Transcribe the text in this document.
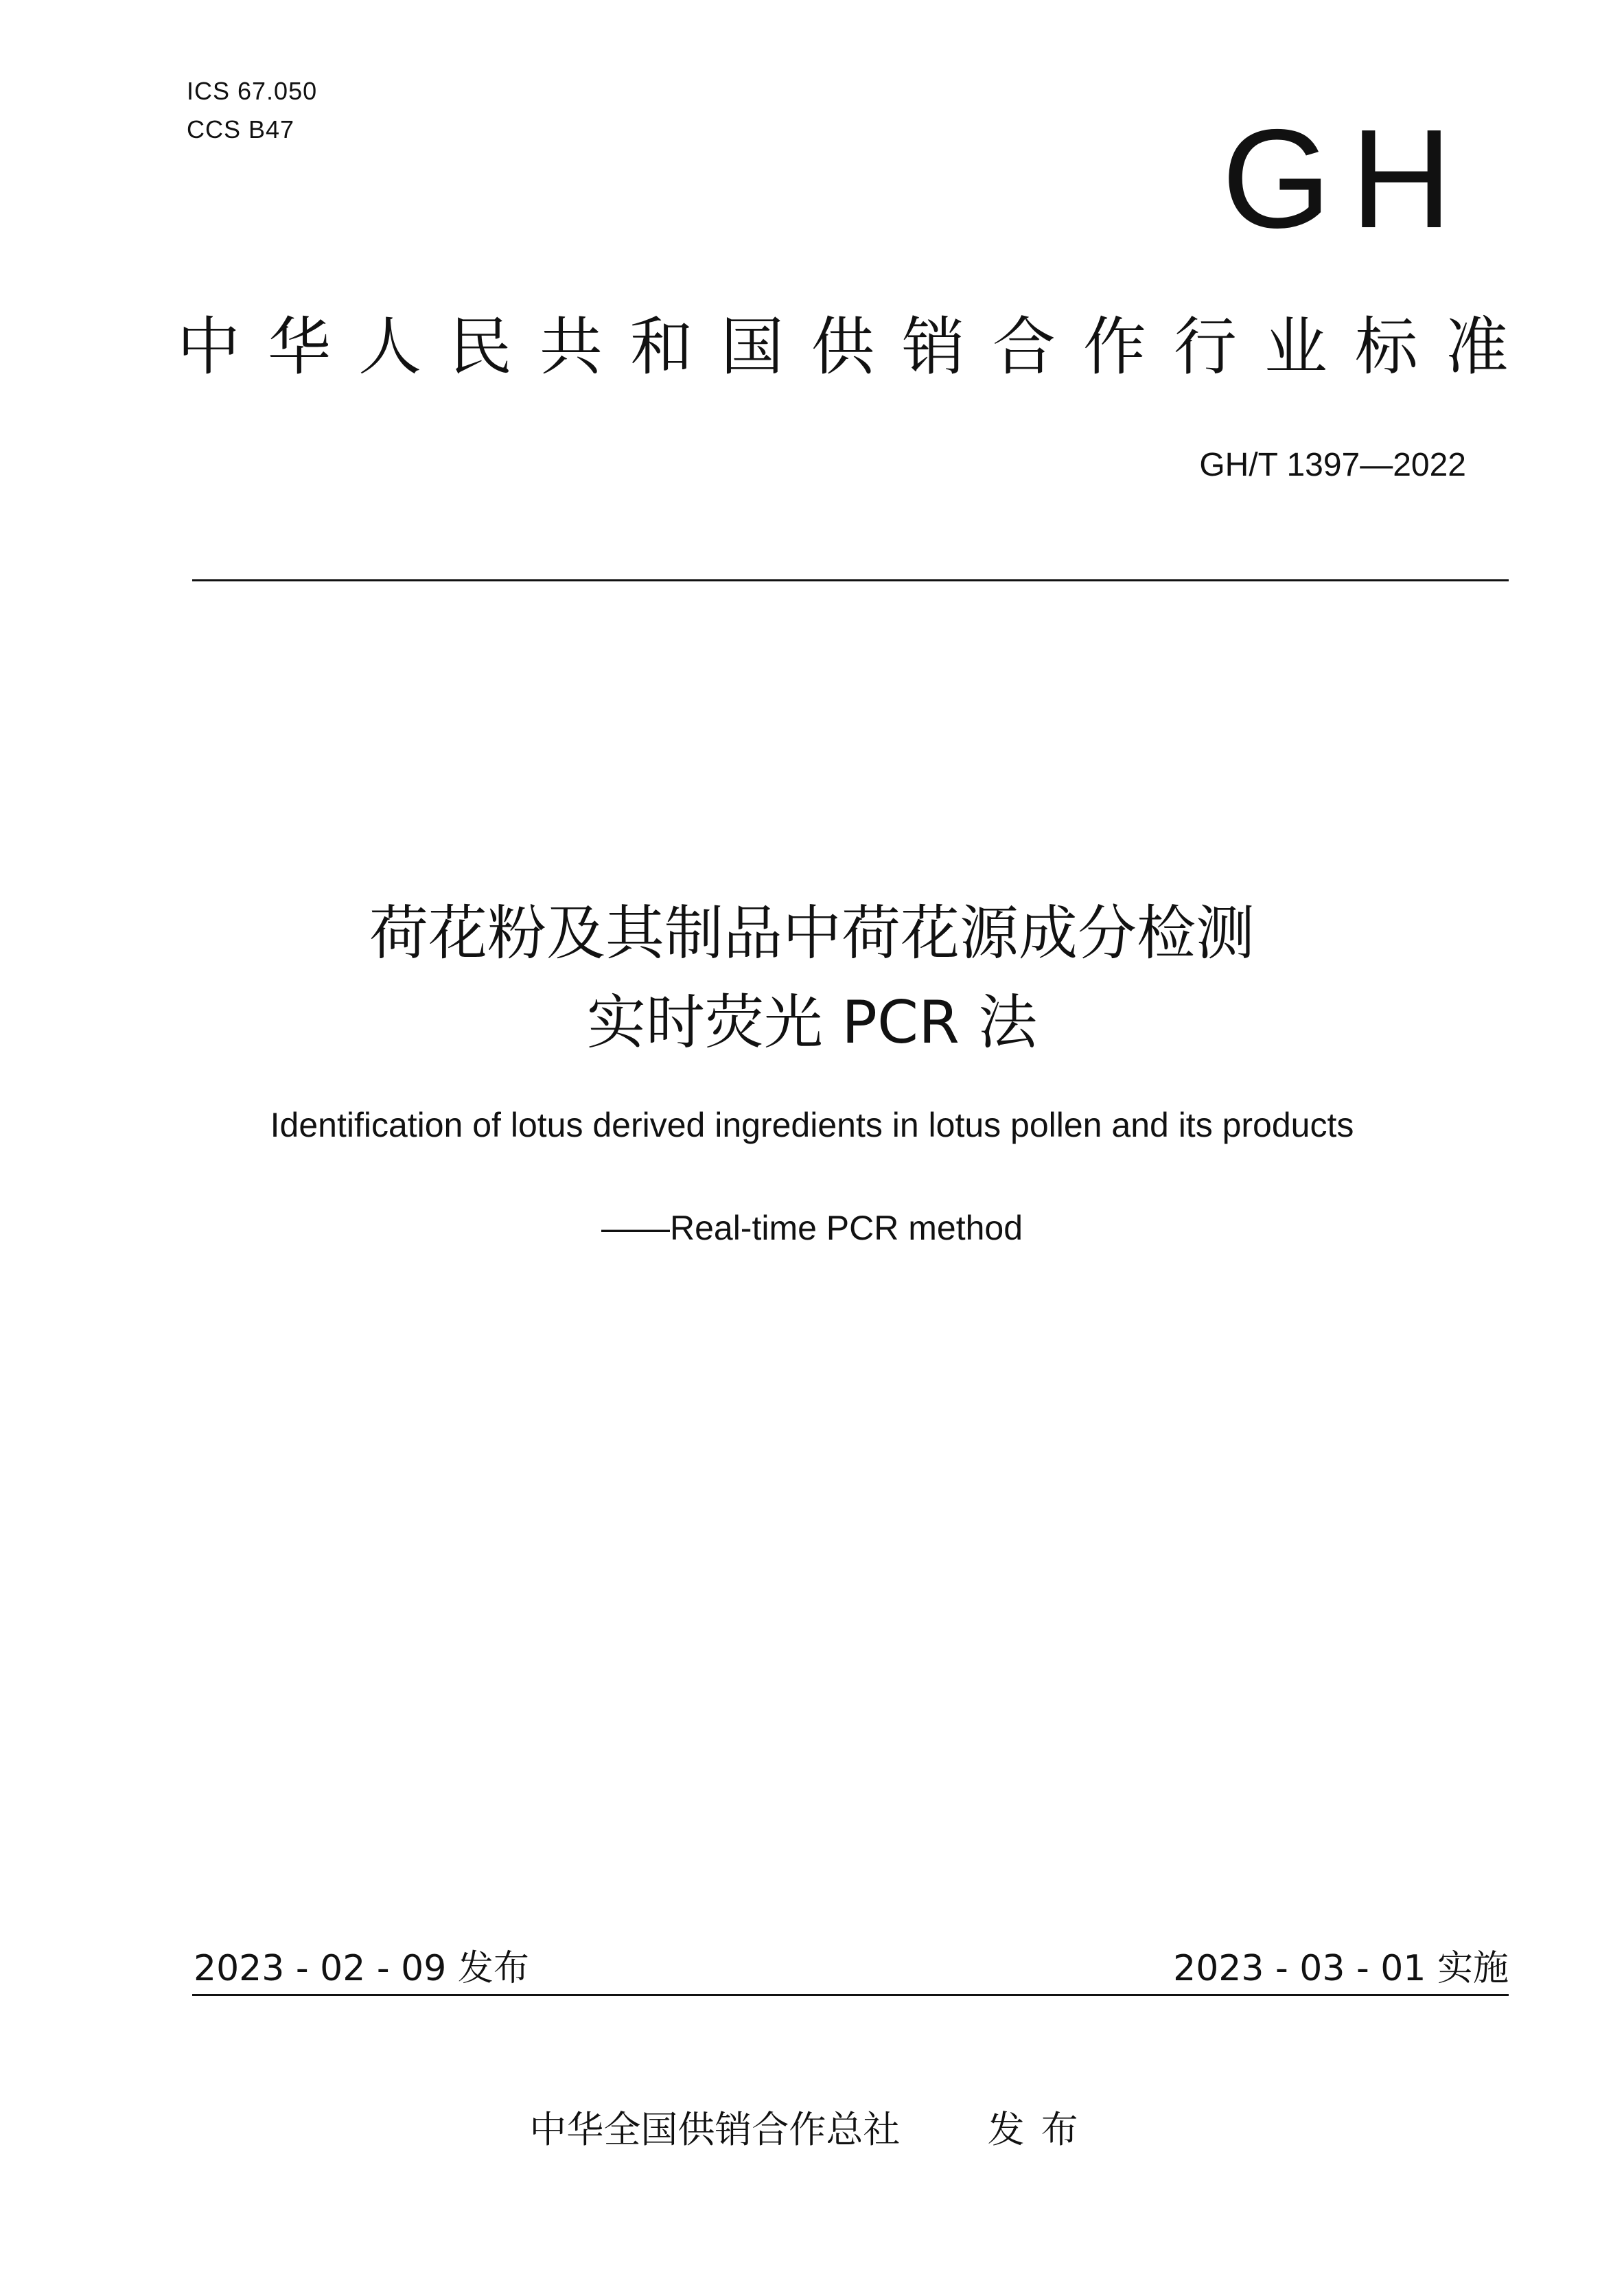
ICS 67.050
CCS B47	GH
中 华 人 民 共 和 国 供 销 合 作 行 业 标 准
GH/T 1397—2022
荷花粉及其制品中荷花源成分检测
实时荧光 PCR 法
Identification of lotus derived ingredients in lotus pollen and its products
——Real-time PCR method
2023 - 02 - 09 发布	2023 - 03 - 01 实施
中华全国供销合作总社 发布
